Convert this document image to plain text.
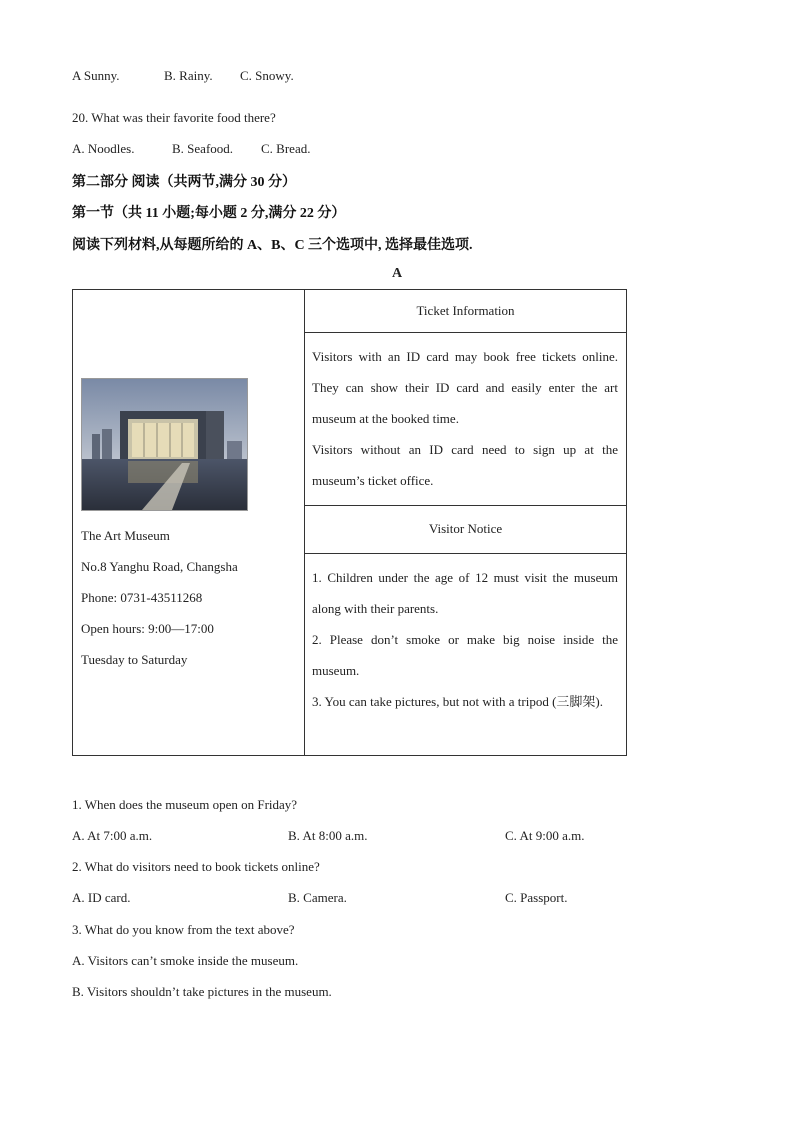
A Sunny.	B. Rainy. C. Snowy.
20. What was their favorite food there?
A. Noodles.	B. Seafood. C. Bread.
第二部分 阅读（共两节,满分 30 分）
第一节（共 11 小题;每小题 2 分,满分 22 分）
阅读下列材料,从每题所给的 A、B、C 三个选项中, 选择最佳选项.
A
The Art Museum
No.8 Yanghu Road, Changsha
Phone: 0731-43511268
Open hours: 9:00—17:00
Tuesday to Saturday
Ticket Information
Visitors with an ID card may book free tickets online. They can show their ID card and easily enter the art museum at the booked time.
Visitors without an ID card need to sign up at the museum’s ticket office.
Visitor Notice
1. Children under the age of 12 must visit the museum along with their parents.
2. Please don’t smoke or make big noise inside the museum.
3. You can take pictures, but not with a tripod (三脚架).
1. When does the museum open on Friday?
A. At 7:00 a.m.	B. At 8:00 a.m.	C. At 9:00 a.m.
2. What do visitors need to book tickets online?
A. ID card.	B. Camera.	C. Passport.
3. What do you know from the text above?
A. Visitors can’t smoke inside the museum.
B. Visitors shouldn’t take pictures in the museum.
